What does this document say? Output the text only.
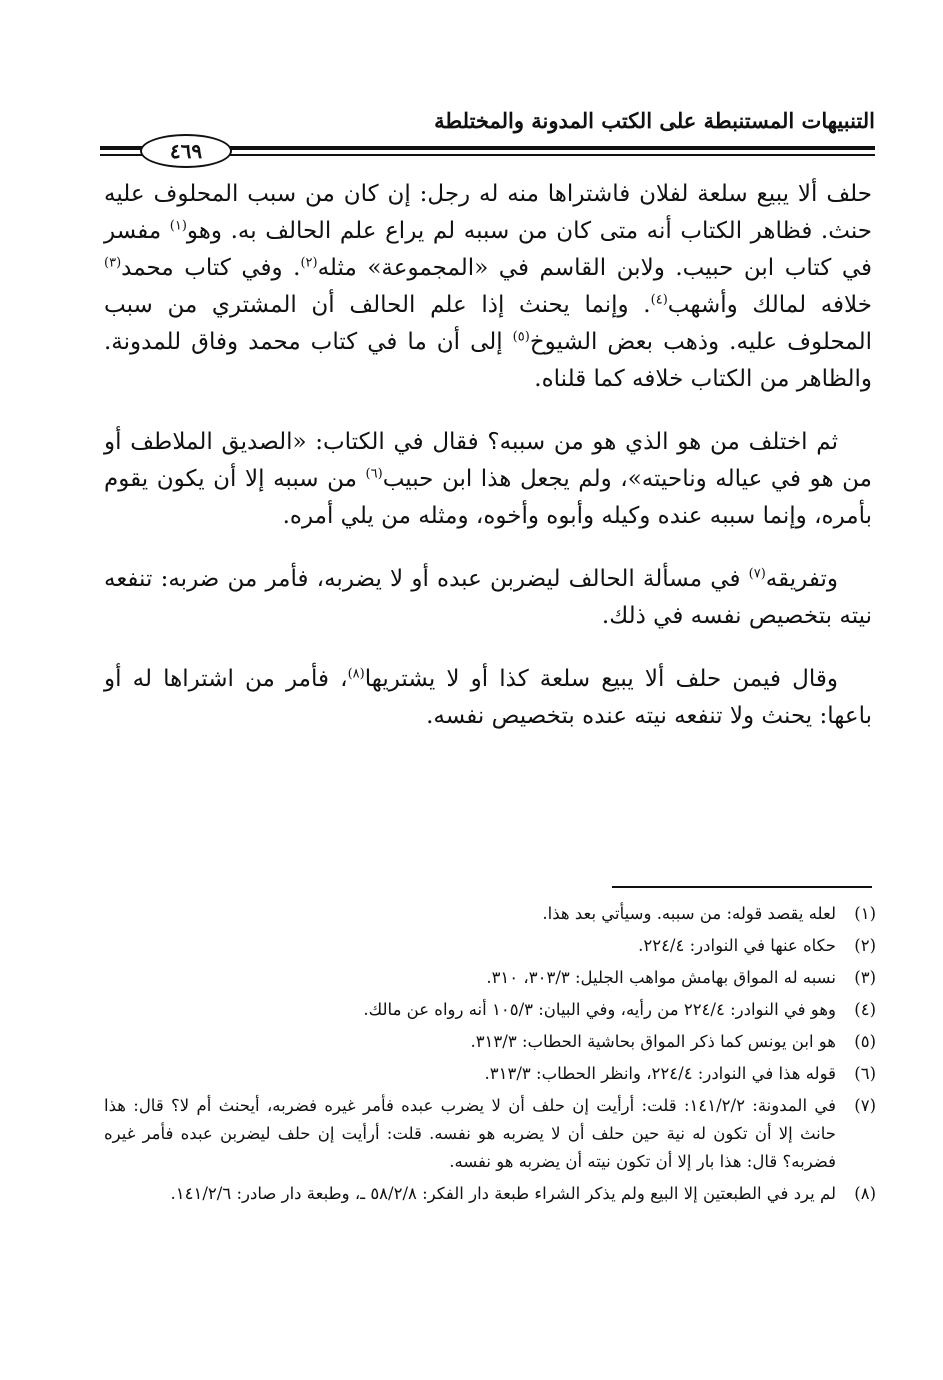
التنبيهات المستنبطة على الكتب المدونة والمختلطة
٤٦٩

حلف ألا يبيع سلعة لفلان فاشتراها منه له رجل: إن كان من سبب المحلوف عليه حنث. فظاهر الكتاب أنه متى كان من سببه لم يراع علم الحالف به. وهو$^{(١)}$ مفسر في كتاب ابن حبيب. ولابن القاسم في «المجموعة» مثله$^{(٢)}$. وفي كتاب محمد$^{(٣)}$ خلافه لمالك وأشهب$^{(٤)}$. وإنما يحنث إذا علم الحالف أن المشتري من سبب المحلوف عليه. وذهب بعض الشيوخ$^{(٥)}$ إلى أن ما في كتاب محمد وفاق للمدونة. والظاهر من الكتاب خلافه كما قلناه.

ثم اختلف من هو الذي هو من سببه؟ فقال في الكتاب: «الصديق الملاطف أو من هو في عياله وناحيته»، ولم يجعل هذا ابن حبيب$^{(٦)}$ من سببه إلا أن يكون يقوم بأمره، وإنما سببه عنده وكيله وأبوه وأخوه، ومثله من يلي أمره.

وتفريقه$^{(٧)}$ في مسألة الحالف ليضربن عبده أو لا يضربه، فأمر من ضربه: تنفعه نيته بتخصيص نفسه في ذلك.

وقال فيمن حلف ألا يبيع سلعة كذا أو لا يشتريها$^{(٨)}$، فأمر من اشتراها له أو باعها: يحنث ولا تنفعه نيته عنده بتخصيص نفسه.

(١)
لعله يقصد قوله: من سببه. وسيأتي بعد هذا.
(٢)
حكاه عنها في النوادر: ٢٢٤/٤.
(٣)
نسبه له المواق بهامش مواهب الجليل: ٣٠٣/٣، ٣١٠.
(٤)
وهو في النوادر: ٢٢٤/٤ من رأيه، وفي البيان: ١٠٥/٣ أنه رواه عن مالك.
(٥)
هو ابن يونس كما ذكر المواق بحاشية الحطاب: ٣١٣/٣.
(٦)
قوله هذا في النوادر: ٢٢٤/٤، وانظر الحطاب: ٣١٣/٣.
(٧)
في المدونة: ١٤١/٢/٢: قلت: أرأيت إن حلف أن لا يضرب عبده فأمر غيره فضربه، أيحنث أم لا؟ قال: هذا حانث إلا أن تكون له نية حين حلف أن لا يضربه هو نفسه. قلت: أرأيت إن حلف ليضربن عبده فأمر غيره فضربه؟ قال: هذا بار إلا أن تكون نيته أن يضربه هو نفسه.
(٨)
لم يرد في الطبعتين إلا البيع ولم يذكر الشراء طبعة دار الفكر: ٥٨/٢/٨ ـ، وطبعة دار صادر: ١٤١/٢/٦.
